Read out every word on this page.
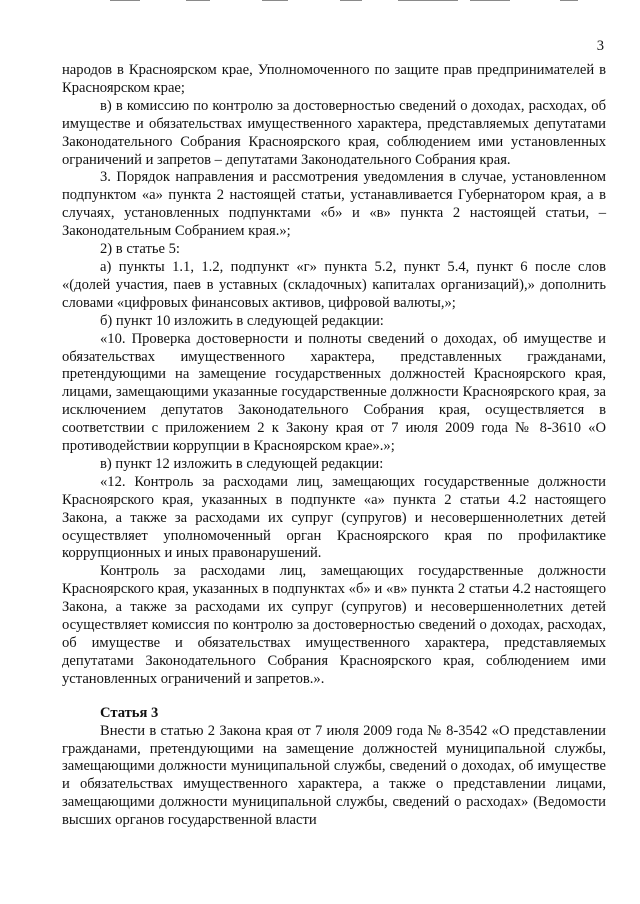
3

народов в Красноярском крае, Уполномоченного по защите прав предпринимателей в Красноярском крае;

в) в комиссию по контролю за достоверностью сведений о доходах, расходах, об имуществе и обязательствах имущественного характера, представляемых депутатами Законодательного Собрания Красноярского края, соблюдением ими установленных ограничений и запретов – депутатами Законодательного Собрания края.

3. Порядок направления и рассмотрения уведомления в случае, установленном подпунктом «а» пункта 2 настоящей статьи, устанавливается Губернатором края, а в случаях, установленных подпунктами «б» и «в» пункта 2 настоящей статьи, – Законодательным Собранием края.»;

2) в статье 5:

а) пункты 1.1, 1.2, подпункт «г» пункта 5.2, пункт 5.4, пункт 6 после слов «(долей участия, паев в уставных (складочных) капиталах организаций),» дополнить словами «цифровых финансовых активов, цифровой валюты,»;

б) пункт 10 изложить в следующей редакции:

«10. Проверка достоверности и полноты сведений о доходах, об имуществе и обязательствах имущественного характера, представленных гражданами, претендующими на замещение государственных должностей Красноярского края, лицами, замещающими указанные государственные должности Красноярского края, за исключением депутатов Законодательного Собрания края, осуществляется в соответствии с приложением 2 к Закону края от 7 июля 2009 года № 8-3610 «О противодействии коррупции в Красноярском крае».»;

в) пункт 12 изложить в следующей редакции:

«12. Контроль за расходами лиц, замещающих государственные должности Красноярского края, указанных в подпункте «а» пункта 2 статьи 4.2 настоящего Закона, а также за расходами их супруг (супругов) и несовершеннолетних детей осуществляет уполномоченный орган Красноярского края по профилактике коррупционных и иных правонарушений.

Контроль за расходами лиц, замещающих государственные должности Красноярского края, указанных в подпунктах «б» и «в» пункта 2 статьи 4.2 настоящего Закона, а также за расходами их супруг (супругов) и несовершеннолетних детей осуществляет комиссия по контролю за достоверностью сведений о доходах, расходах, об имуществе и обязательствах имущественного характера, представляемых депутатами Законодательного Собрания Красноярского края, соблюдением ими установленных ограничений и запретов.».

Статья 3

Внести в статью 2 Закона края от 7 июля 2009 года № 8-3542 «О представлении гражданами, претендующими на замещение должностей муниципальной службы, замещающими должности муниципальной службы, сведений о доходах, об имуществе и обязательствах имущественного характера, а также о представлении лицами, замещающими должности муниципальной службы, сведений о расходах» (Ведомости высших органов государственной власти
